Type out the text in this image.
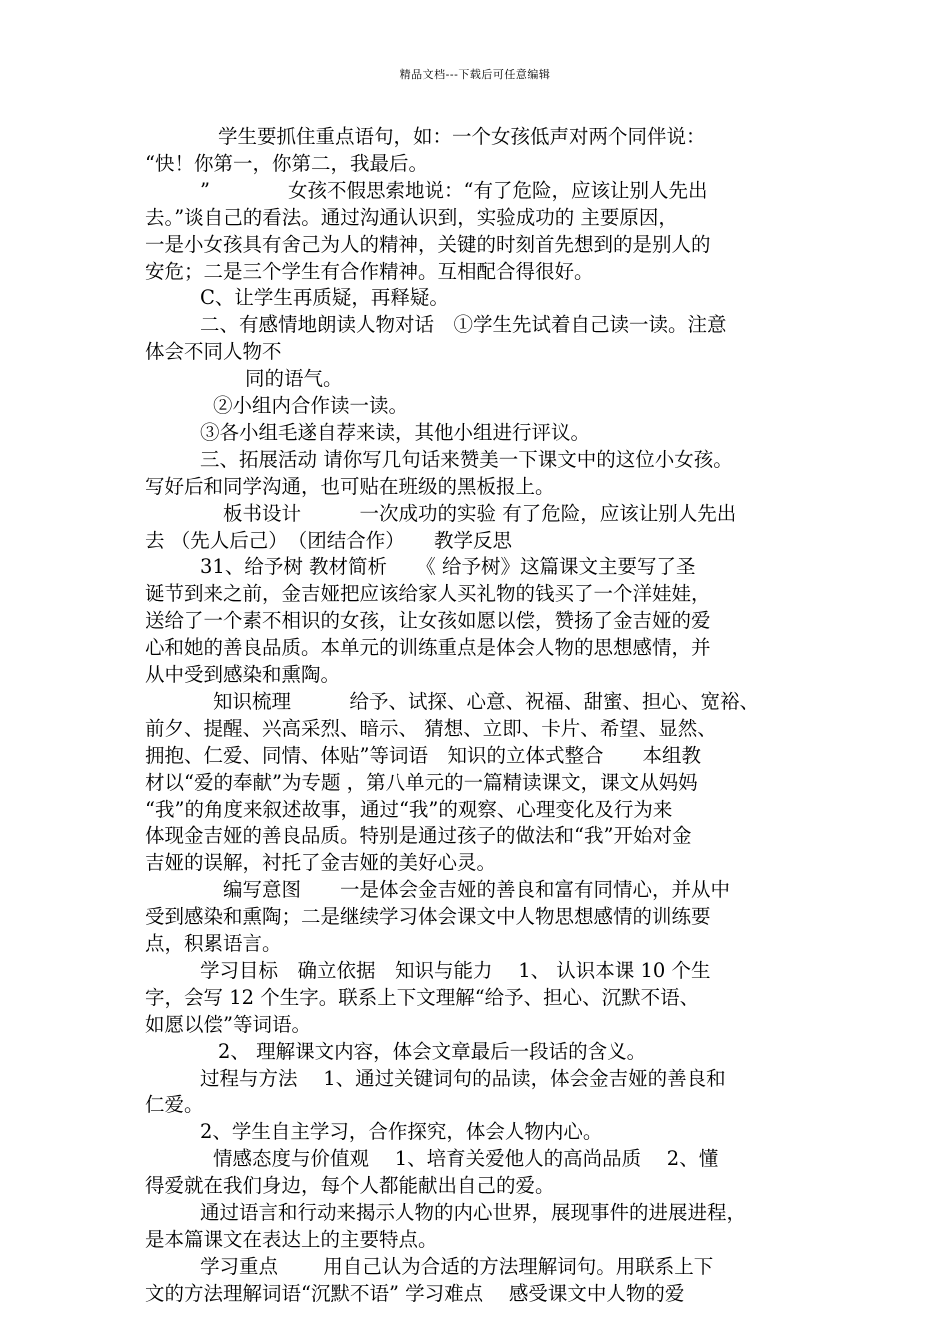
精品文档---下载后可任意编辑
学生要抓住重点语句，如：一个女孩低声对两个同伴说：
“快！你第一，你第二，我最后。
”　　　　女孩不假思索地说：“有了危险，应该让别人先出
去。”谈自己的看法。通过沟通认识到，实验成功的 主要原因，
一是小女孩具有舍己为人的精神，关键的时刻首先想到的是别人的
安危；二是三个学生有合作精神。互相配合得很好。
C、让学生再质疑，再释疑。
二、有感情地朗读人物对话　①学生先试着自己读一读。注意
体会不同人物不
同的语气。
②小组内合作读一读。
③各小组毛遂自荐来读，其他小组进行评议。
三、拓展活动 请你写几句话来赞美一下课文中的这位小女孩。
写好后和同学沟通，也可贴在班级的黑板报上。
板书设计　　　一次成功的实验 有了危险，应该让别人先出
去 （先人后己）　（团结合作）　　教学反思
31、给予树 教材简析　　《 给予树》这篇课文主要写了圣
诞节到来之前，金吉娅把应该给家人买礼物的钱买了一个洋娃娃，
送给了一个素不相识的女孩，让女孩如愿以偿，赞扬了金吉娅的爱
心和她的善良品质。本单元的训练重点是体会人物的思想感情，并
从中受到感染和熏陶。
知识梳理　　　给予、试探、心意、祝福、甜蜜、担心、宽裕、
前夕、提醒、兴高采烈、暗示、 猜想、立即、卡片、希望、显然、
拥抱、仁爱、同情、体贴”等词语　知识的立体式整合　　本组教
材以“爱的奉献”为专题 ，第八单元的一篇精读课文，课文从妈妈
“我”的角度来叙述故事，通过“我”的观察、心理变化及行为来
体现金吉娅的善良品质。特别是通过孩子的做法和“我”开始对金
吉娅的误解，衬托了金吉娅的美好心灵。
编写意图　　一是体会金吉娅的善良和富有同情心，并从中
受到感染和熏陶；二是继续学习体会课文中人物思想感情的训练要
点，积累语言。
学习目标　确立依据　知识与能力　 1、 认识本课 10 个生
字，会写 12 个生字。联系上下文理解“给予、担心、沉默不语、
如愿以偿”等词语。
2、 理解课文内容，体会文章最后一段话的含义。
过程与方法　 1、通过关键词句的品读，体会金吉娅的善良和
仁爱。
2、学生自主学习，合作探究，体会人物内心。
情感态度与价值观　 1、培育关爱他人的高尚品质　 2、懂
得爱就在我们身边，每个人都能献出自己的爱。
通过语言和行动来揭示人物的内心世界，展现事件的进展进程，
是本篇课文在表达上的主要特点。
学习重点　　 用自己认为合适的方法理解词句。用联系上下
文的方法理解词语“沉默不语” 学习难点　 感受课文中人物的爱
